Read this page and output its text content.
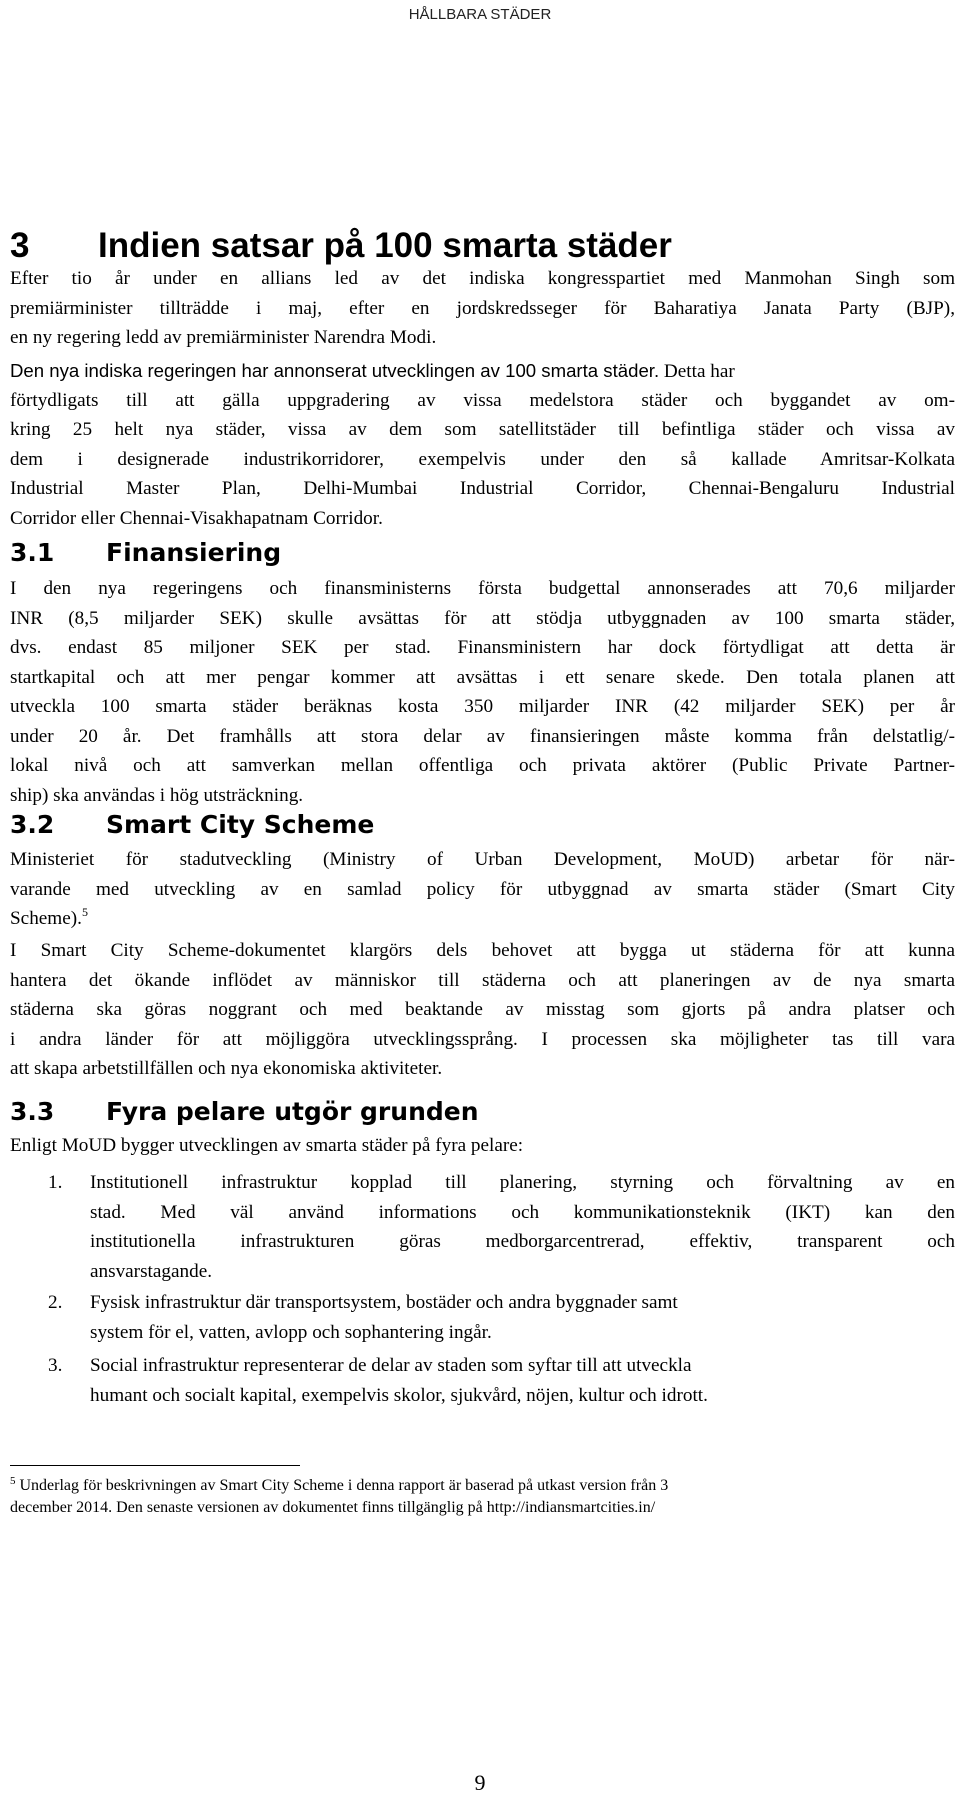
HÅLLBARA STÄDER
3 Indien satsar på 100 smarta städer
Efter tio år under en allians led av det indiska kongresspartiet med Manmohan Singh som
premiärminister tillträdde i maj, efter en jordskredsseger för Baharatiya Janata Party (BJP),
en ny regering ledd av premiärminister Narendra Modi.
Den nya indiska regeringen har annonserat utvecklingen av 100 smarta städer. Detta har
förtydligats till att gälla uppgradering av vissa medelstora städer och byggandet av om-
kring 25 helt nya städer, vissa av dem som satellitstäder till befintliga städer och vissa av
dem i designerade industrikorridorer, exempelvis under den så kallade Amritsar-Kolkata
Industrial Master Plan, Delhi-Mumbai Industrial Corridor, Chennai-Bengaluru Industrial
Corridor eller Chennai-Visakhapatnam Corridor.
3.1 Finansiering
I den nya regeringens och finansministerns första budgettal annonserades att 70,6 miljarder
INR (8,5 miljarder SEK) skulle avsättas för att stödja utbyggnaden av 100 smarta städer,
dvs. endast 85 miljoner SEK per stad. Finansministern har dock förtydligat att detta är
startkapital och att mer pengar kommer att avsättas i ett senare skede. Den totala planen att
utveckla 100 smarta städer beräknas kosta 350 miljarder INR (42 miljarder SEK) per år
under 20 år. Det framhålls att stora delar av finansieringen måste komma från delstatlig/-
lokal nivå och att samverkan mellan offentliga och privata aktörer (Public Private Partner-
ship) ska användas i hög utsträckning.
3.2 Smart City Scheme
Ministeriet för stadutveckling (Ministry of Urban Development, MoUD) arbetar för när-
varande med utveckling av en samlad policy för utbyggnad av smarta städer (Smart City
Scheme).$^5$
I Smart City Scheme-dokumentet klargörs dels behovet att bygga ut städerna för att kunna
hantera det ökande inflödet av människor till städerna och att planeringen av de nya smarta
städerna ska göras noggrant och med beaktande av misstag som gjorts på andra platser och
i andra länder för att möjliggöra utvecklingssprång. I processen ska möjligheter tas till vara
att skapa arbetstillfällen och nya ekonomiska aktiviteter.
3.3 Fyra pelare utgör grunden
Enligt MoUD bygger utvecklingen av smarta städer på fyra pelare:
1. Institutionell infrastruktur kopplad till planering, styrning och förvaltning av en
stad. Med väl använd informations och kommunikationsteknik (IKT) kan den
institutionella infrastrukturen göras medborgarcentrerad, effektiv, transparent och
ansvarstagande.
2. Fysisk infrastruktur där transportsystem, bostäder och andra byggnader samt
system för el, vatten, avlopp och sophantering ingår.
3. Social infrastruktur representerar de delar av staden som syftar till att utveckla
humant och socialt kapital, exempelvis skolor, sjukvård, nöjen, kultur och idrott.
$^5$ Underlag för beskrivningen av Smart City Scheme i denna rapport är baserad på utkast version från 3
december 2014. Den senaste versionen av dokumentet finns tillgänglig på http://indiansmartcities.in/
9
